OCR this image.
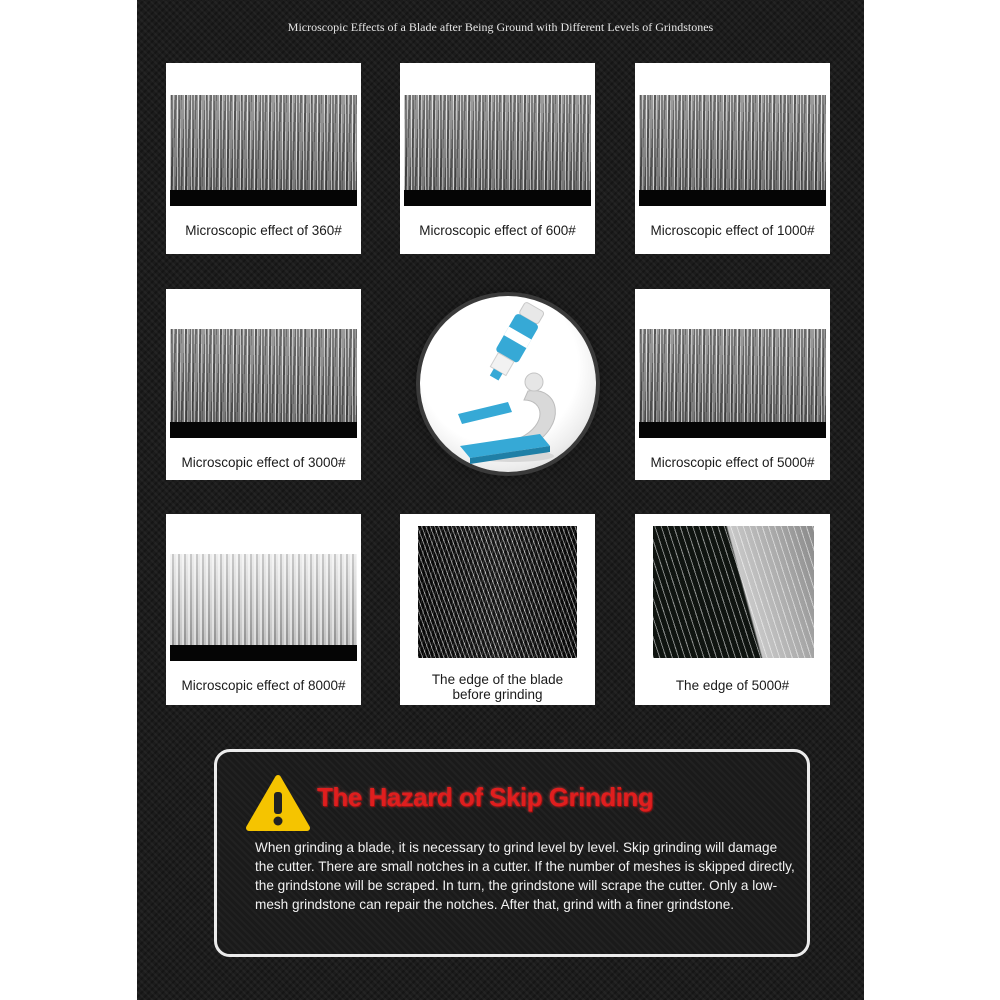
Microscopic Effects of a Blade after Being Ground with Different Levels of Grindstones
Microscopic effect of 360#	Microscopic effect of 600#	Microscopic effect of 1000#
Microscopic effect of 3000#	Microscopic effect of 5000#
Microscopic effect of 8000#	The edge of the blade
before grinding
The edge of 5000#
The Hazard of Skip Grinding
When grinding a blade, it is necessary to grind level by level. Skip grinding will damage the cutter. There are small notches in a cutter. If the number of meshes is skipped directly, the grindstone will be scraped. In turn, the grindstone will scrape the cutter. Only a low-mesh grindstone can repair the notches. After that, grind with a finer grindstone.
